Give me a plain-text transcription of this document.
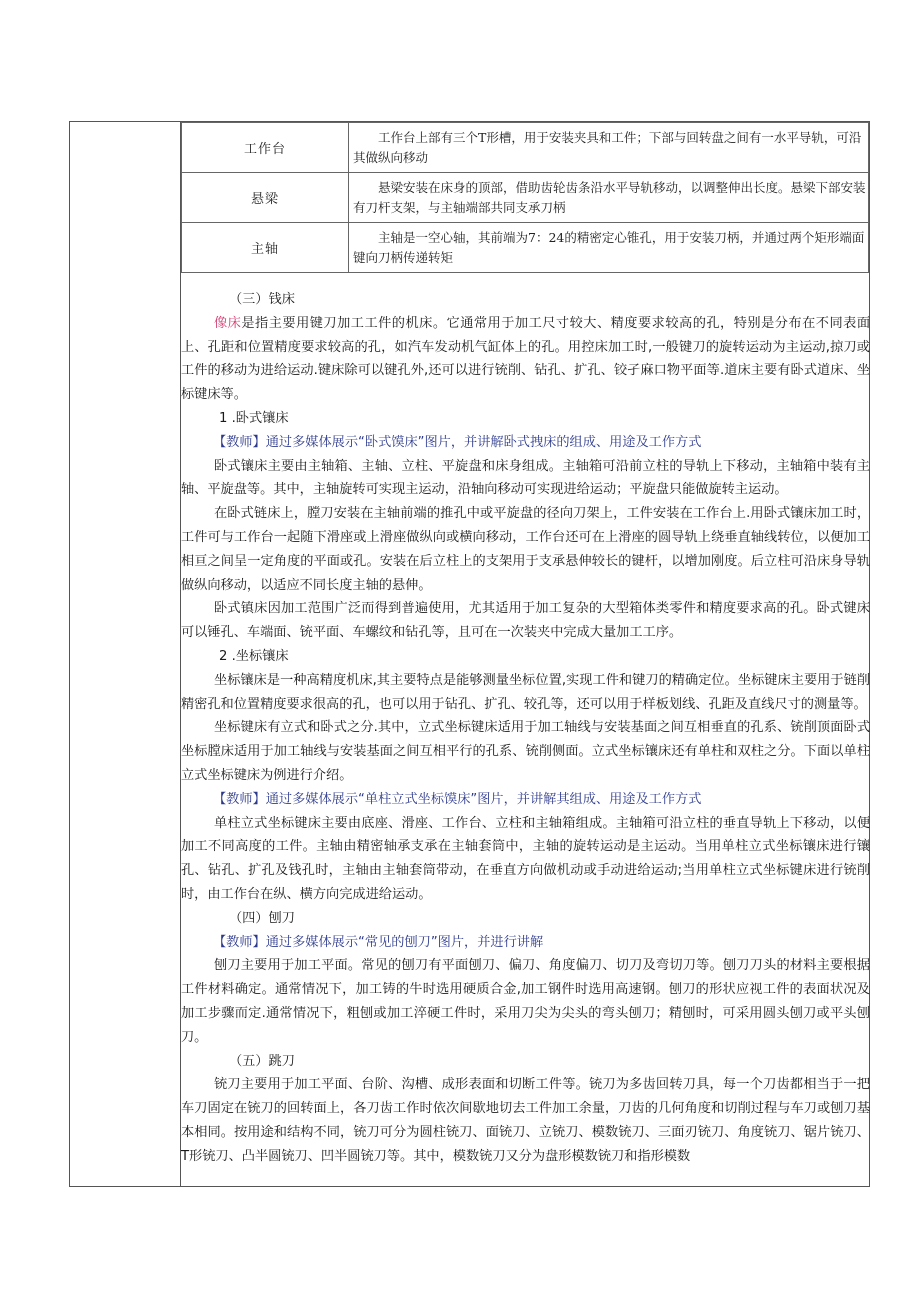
工作台	工作台上部有三个T形槽，用于安装夹具和工件；下部与回转盘之间有一水平导轨，可沿其做纵向移动
悬梁	悬梁安装在床身的顶部，借助齿轮齿条沿水平导轨移动，以调整伸出长度。悬梁下部安装有刀杆支架，与主轴端部共同支承刀柄
主轴	主轴是一空心轴，其前端为7：24的精密定心锥孔，用于安装刀柄，并通过两个矩形端面键向刀柄传递转矩

（三）钱床

像床是指主要用键刀加工工件的机床。它通常用于加工尺寸较大、精度要求较高的孔，特别是分布在不同表面上、孔距和位置精度要求较高的孔，如汽车发动机气缸体上的孔。用控床加工时,一般键刀的旋转运动为主运动,掠刀或工件的移动为进给运动.键床除可以键孔外,还可以进行铳削、钻孔、扩孔、铰孑麻口物平面等.道床主要有卧式道床、坐标键床等。

1 .卧式镶床

【教师】通过多媒体展示“卧式馍床”图片，并讲解卧式拽床的组成、用途及工作方式

卧式镶床主要由主轴箱、主轴、立柱、平旋盘和床身组成。主轴箱可沿前立柱的导轨上下移动，主轴箱中装有主轴、平旋盘等。其中，主轴旋转可实现主运动，沿轴向移动可实现进给运动；平旋盘只能做旋转主运动。

在卧式链床上，膛刀安装在主轴前端的推孔中或平旋盘的径向刀架上，工件安装在工作台上.用卧式镶床加工时，工件可与工作台一起随下滑座或上滑座做纵向或横向移动，工作台还可在上滑座的圆导轨上绕垂直轴线转位，以便加工相亘之间呈一定角度的平面或孔。安装在后立柱上的支架用于支承悬伸较长的键杆，以增加刚度。后立柱可沿床身导轨做纵向移动，以适应不同长度主轴的悬伸。

卧式镇床因加工范围广泛而得到普遍使用，尤其适用于加工复杂的大型箱体类零件和精度要求高的孔。卧式键床可以锤孔、车端面、铳平面、车螺纹和钻孔等，且可在一次装夹中完成大量加工工序。

2 .坐标镶床

坐标镶床是一种高精度机床,其主要特点是能够测量坐标位置,实现工件和键刀的精确定位。坐标键床主要用于链削精密孔和位置精度要求很高的孔，也可以用于钻孔、扩孔、较孔等，还可以用于样板划线、孔距及直线尺寸的测量等。

坐标键床有立式和卧式之分.其中，立式坐标键床适用于加工轴线与安装基面之间互相垂直的孔系、铳削顶面卧式坐标膛床适用于加工轴线与安装基面之间互相平行的孔系、铳削侧面。立式坐标镶床还有单柱和双柱之分。下面以单柱立式坐标键床为例进行介绍。

【教师】通过多媒体展示“单柱立式坐标馍床”图片，并讲解其组成、用途及工作方式

单柱立式坐标键床主要由底座、滑座、工作台、立柱和主轴箱组成。主轴箱可沿立柱的垂直导轨上下移动，以便加工不同高度的工件。主轴由精密轴承支承在主轴套筒中，主轴的旋转运动是主运动。当用单柱立式坐标镶床进行镶孔、钻孔、扩孔及钱孔时，主轴由主轴套筒带动，在垂直方向做机动或手动进给运动;当用单柱立式坐标键床进行铳削时，由工作台在纵、横方向完成进给运动。

（四）刨刀

【教师】通过多媒体展示“常见的刨刀”图片，并进行讲解

刨刀主要用于加工平面。常见的刨刀有平面刨刀、偏刀、角度偏刀、切刀及弯切刀等。刨刀刀头的材料主要根据工件材料确定。通常情况下，加工铸的牛时选用硬质合金,加工钢件时选用高速钢。刨刀的形状应视工件的表面状况及加工步骤而定.通常情况下，粗刨或加工淬硬工件时，采用刀尖为尖头的弯头刨刀；精刨时，可采用圆头刨刀或平头刨刀。

（五）跳刀

铳刀主要用于加工平面、台阶、沟槽、成形表面和切断工件等。铳刀为多齿回转刀具，每一个刀齿都相当于一把车刀固定在铳刀的回转面上，各刀齿工作时依次间歇地切去工件加工余量，刀齿的几何角度和切削过程与车刀或刨刀基本相同。按用途和结构不同，铳刀可分为圆柱铳刀、面铳刀、立铳刀、模数铳刀、三面刃铳刀、角度铳刀、锯片铳刀、T形铳刀、凸半圆铳刀、凹半圆铳刀等。其中，模数铳刀又分为盘形模数铳刀和指形模数
